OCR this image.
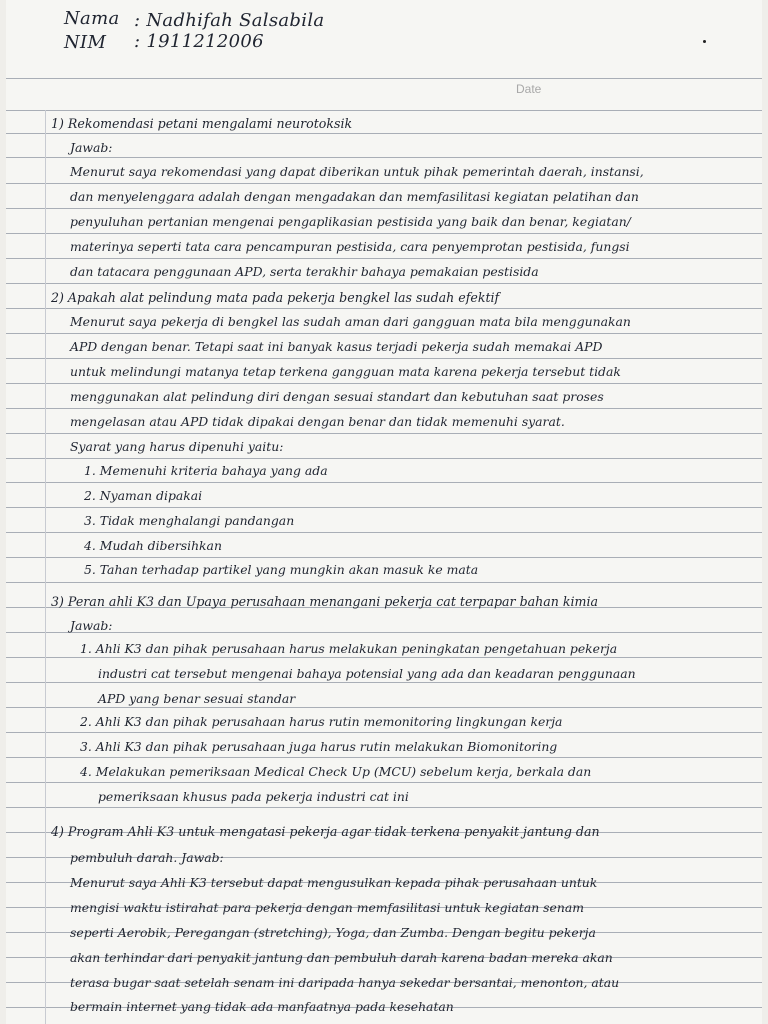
Nama : Nadhifah Salsabila
NIM : 1911212006
Date
1) Rekomendasi petani mengalami neurotoksik
Jawab:
Menurut saya rekomendasi yang dapat diberikan untuk pihak pemerintah daerah, instansi,
dan menyelenggara adalah dengan mengadakan dan memfasilitasi kegiatan pelatihan dan
penyuluhan pertanian mengenai pengaplikasian pestisida yang baik dan benar, kegiatan/
materinya seperti tata cara pencampuran pestisida, cara penyemprotan pestisida, fungsi
dan tatacara penggunaan APD, serta terakhir bahaya pemakaian pestisida
2) Apakah alat pelindung mata pada pekerja bengkel las sudah efektif
Menurut saya pekerja di bengkel las sudah aman dari gangguan mata bila menggunakan
APD dengan benar. Tetapi saat ini banyak kasus terjadi pekerja sudah memakai APD
untuk melindungi matanya tetap terkena gangguan mata karena pekerja tersebut tidak
menggunakan alat pelindung diri dengan sesuai standart dan kebutuhan saat proses
mengelasan atau APD tidak dipakai dengan benar dan tidak memenuhi syarat.
Syarat yang harus dipenuhi yaitu:
1. Memenuhi kriteria bahaya yang ada
2. Nyaman dipakai
3. Tidak menghalangi pandangan
4. Mudah dibersihkan
5. Tahan terhadap partikel yang mungkin akan masuk ke mata
3) Peran ahli K3 dan Upaya perusahaan menangani pekerja cat terpapar bahan kimia
Jawab:
1. Ahli K3 dan pihak perusahaan harus melakukan peningkatan pengetahuan pekerja
industri cat tersebut mengenai bahaya potensial yang ada dan keadaran penggunaan
APD yang benar sesuai standar
2. Ahli K3 dan pihak perusahaan harus rutin memonitoring lingkungan kerja
3. Ahli K3 dan pihak perusahaan juga harus rutin melakukan Biomonitoring
4. Melakukan pemeriksaan Medical Check Up (MCU) sebelum kerja, berkala dan
pemeriksaan khusus pada pekerja industri cat ini
4) Program Ahli K3 untuk mengatasi pekerja agar tidak terkena penyakit jantung dan
pembuluh darah. Jawab:
Menurut saya Ahli K3 tersebut dapat mengusulkan kepada pihak perusahaan untuk
mengisi waktu istirahat para pekerja dengan memfasilitasi untuk kegiatan senam
seperti Aerobik, Peregangan (stretching), Yoga, dan Zumba. Dengan begitu pekerja
akan terhindar dari penyakit jantung dan pembuluh darah karena badan mereka akan
terasa bugar saat setelah senam ini daripada hanya sekedar bersantai, menonton, atau
bermain internet yang tidak ada manfaatnya pada kesehatan
